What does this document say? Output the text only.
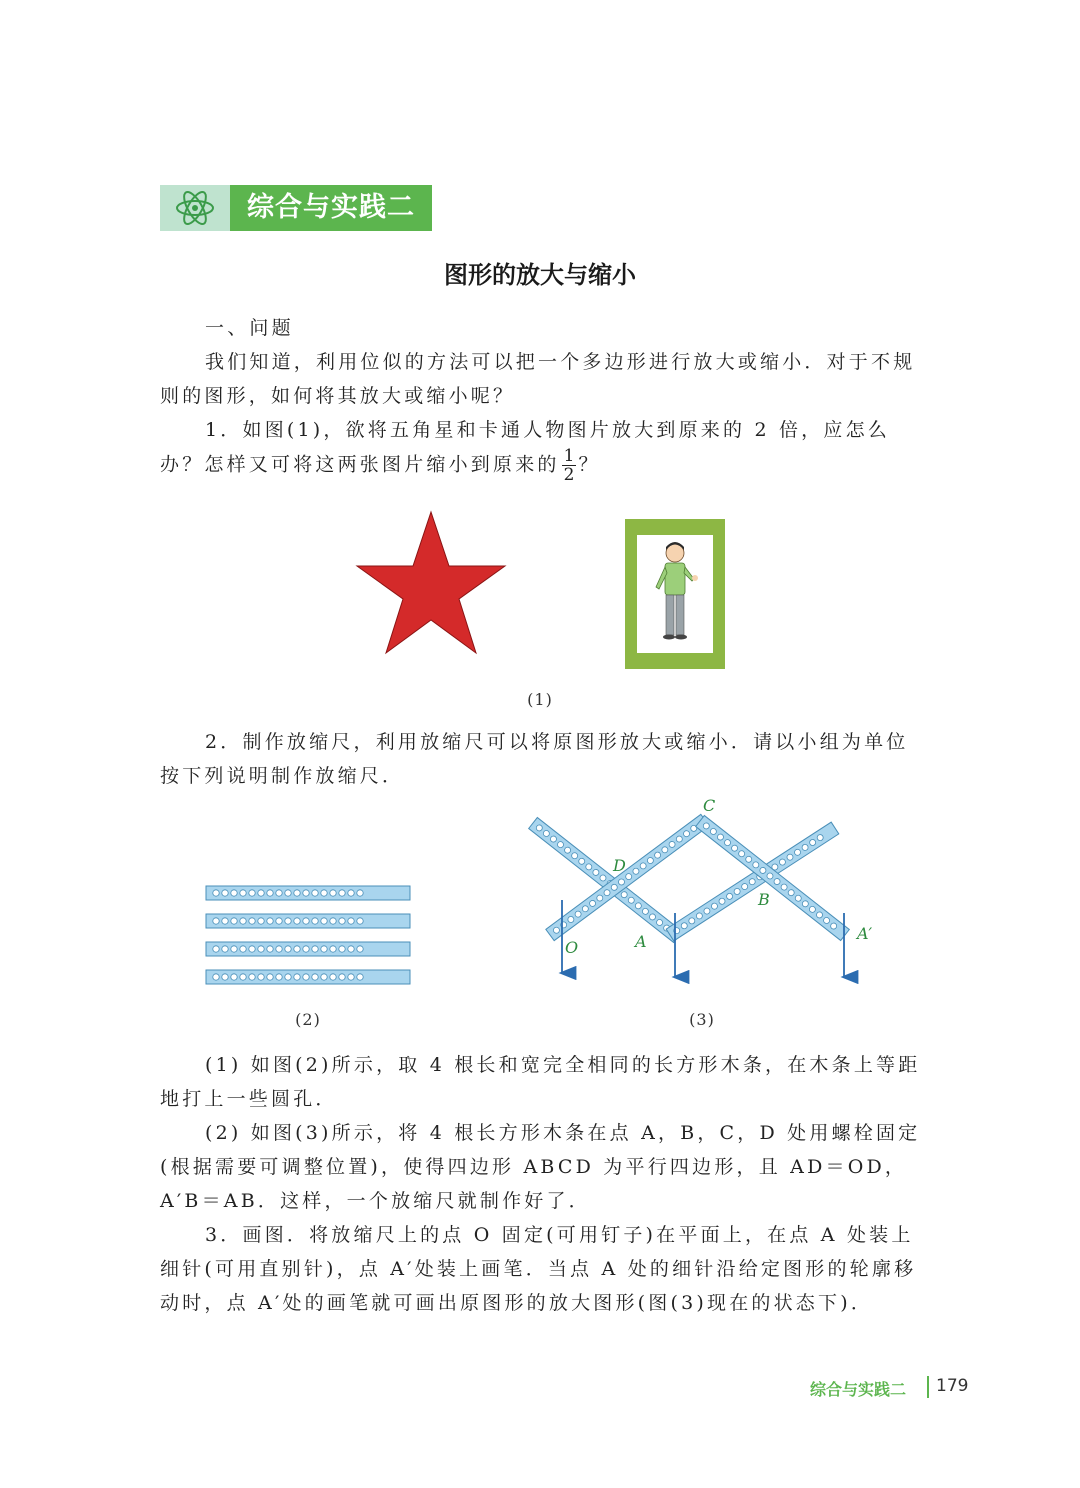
综合与实践二
图形的放大与缩小

一、问题

我们知道，利用位似的方法可以把一个多边形进行放大或缩小．对于不规则的图形，如何将其放大或缩小呢？

1．如图(1)，欲将五角星和卡通人物图片放大到原来的 2 倍，应怎么办？怎样又可将这两张图片缩小到原来的 $\frac{1}{2}$ ？

(1)

2．制作放缩尺，利用放缩尺可以将原图形放大或缩小．请以小组为单位按下列说明制作放缩尺．

(2)
O	A
B
C
D
A′
(3)

(1) 如图(2)所示，取 4 根长和宽完全相同的长方形木条，在木条上等距地打上一些圆孔．

(2) 如图(3)所示，将 4 根长方形木条在点 A，B，C，D 处用螺栓固定(根据需要可调整位置)，使得四边形 ABCD 为平行四边形，且 AD＝OD，A′B＝AB．这样，一个放缩尺就制作好了．

3．画图．将放缩尺上的点 O 固定(可用钉子)在平面上，在点 A 处装上细针(可用直别针)，点 A′处装上画笔．当点 A 处的细针沿给定图形的轮廓移动时，点 A′处的画笔就可画出原图形的放大图形(图(3)现在的状态下)．

综合与实践二 179
